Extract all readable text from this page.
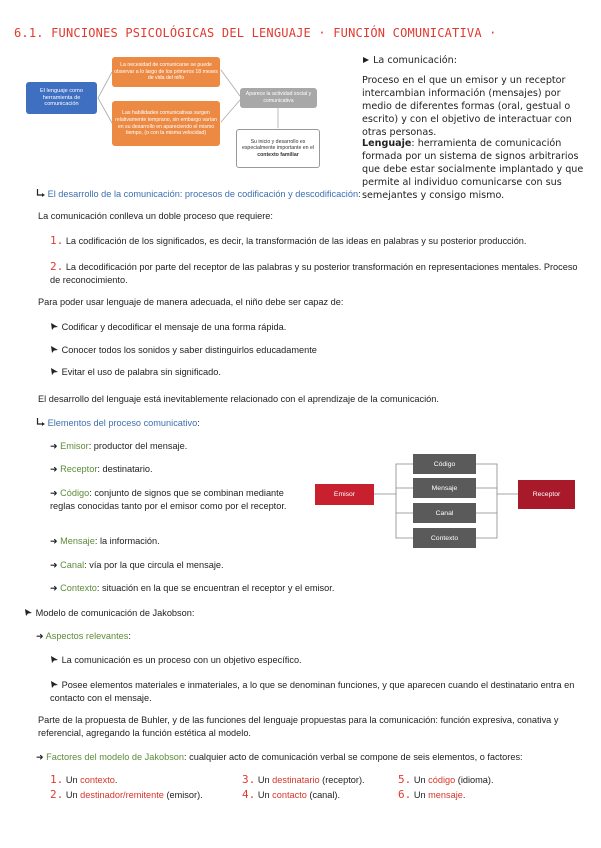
6.1. FUNCIONES PSICOLÓGICAS DEL LENGUAJE · FUNCIÓN COMUNICATIVA ·
El lenguaje como herramienta de comunicación
La necesidad de comunicarse se puede observar a lo largo de los primeros 18 meses de vida del niño
Las habilidades comunicativas surgen relativamente temprano, sin embargo varían en su desarrollo en apareciendo el mismo tiempo, (o con la misma velocidad)
Aparece la actividad social y comunicativa
Su inicio y desarrollo es especialmente importante en el
contexto familiar
La comunicación:
Proceso en el que un emisor y un receptor intercambian información (mensajes) por medio de diferentes formas (oral, gestual o escrito) y con el objetivo de interactuar con otras personas.
Lenguaje: herramienta de comunicación formada por un sistema de signos arbitrarios que debe estar socialmente implantado y que permite al individuo comunicarse con sus semejantes y consigo mismo.
El desarrollo de la comunicación: procesos de codificación y descodificación:
La comunicación conlleva un doble proceso que requiere:
1. La codificación de los significados, es decir, la transformación de las ideas en palabras y su posterior producción.
2. La decodificación por parte del receptor de las palabras y su posterior transformación en representaciones mentales. Proceso de reconocimiento.
Para poder usar lenguaje de manera adecuada, el niño debe ser capaz de:
Codificar y decodificar el mensaje de una forma rápida.
Conocer todos los sonidos y saber distinguirlos educadamente
Evitar el uso de palabra sin significado.
El desarrollo del lenguaje está inevitablemente relacionado con el aprendizaje de la comunicación.
Elementos del proceso comunicativo:
➜ Emisor: productor del mensaje.
➜ Receptor: destinatario.
➜ Código: conjunto de signos que se combinan mediante reglas conocidas tanto por el emisor como por el receptor.
➜ Mensaje: la información.
➜ Canal: vía por la que circula el mensaje.
➜ Contexto: situación en la que se encuentran el receptor y el emisor.
Emisor	Receptor
Código
Mensaje
Canal
Contexto
Modelo de comunicación de Jakobson:
➜ Aspectos relevantes:
La comunicación es un proceso con un objetivo específico.
Posee elementos materiales e inmateriales, a lo que se denominan funciones, y que aparecen cuando el destinatario entra en contacto con el mensaje.
Parte de la propuesta de Buhler, y de las funciones del lenguaje propuestas para la comunicación: función expresiva, conativa y referencial, agregando la función estética al modelo.
➜ Factores del modelo de Jakobson: cualquier acto de comunicación verbal se compone de seis elementos, o factores:
1. Un contexto.
2. Un destinador/remitente (emisor).
3. Un destinatario (receptor).
4. Un contacto (canal).
5. Un código (idioma).
6. Un mensaje.
